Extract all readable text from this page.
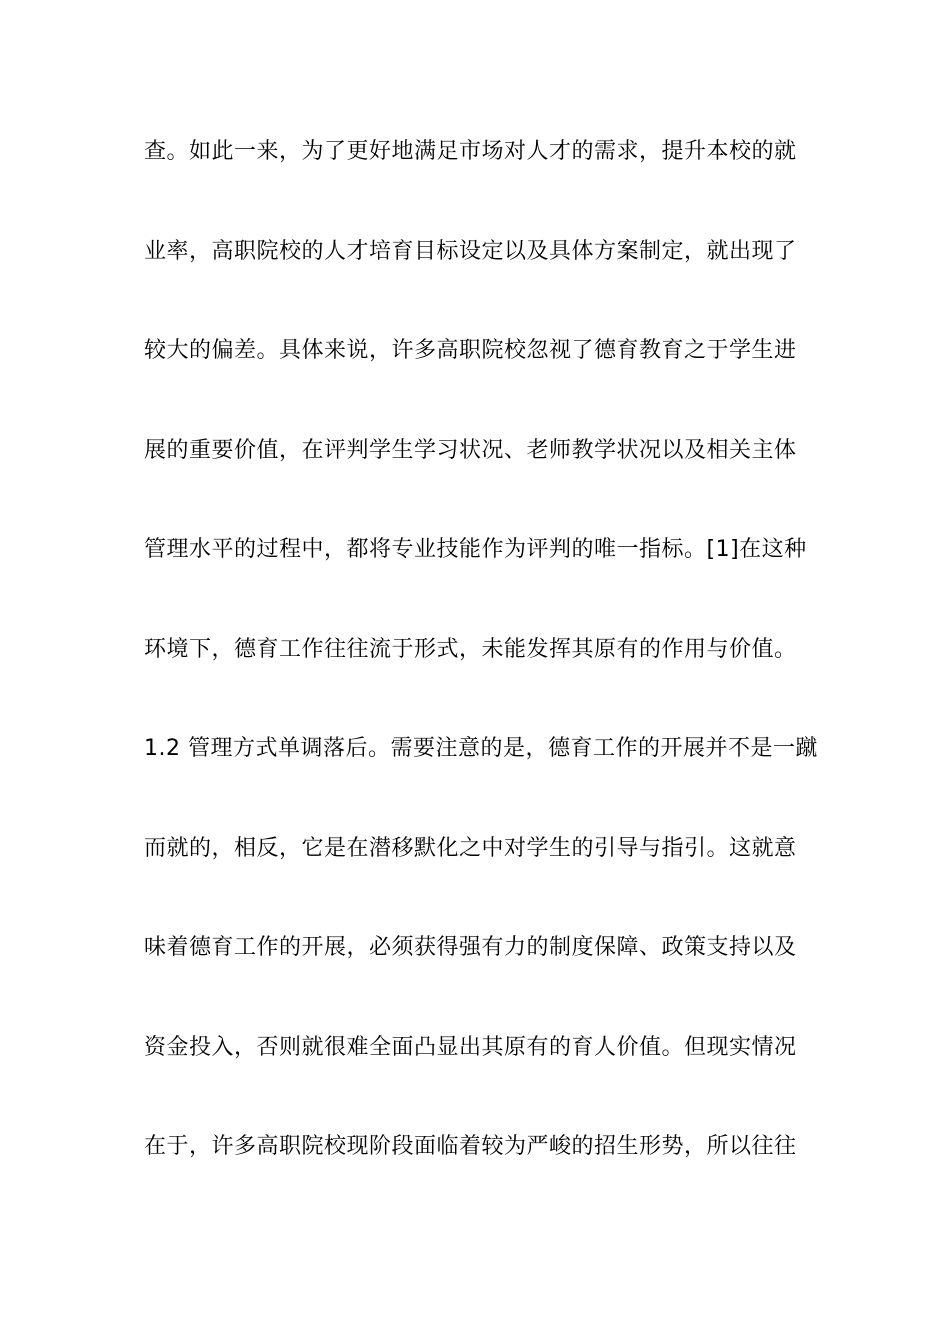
查。如此一来，为了更好地满足市场对人才的需求，提升本校的就
业率，高职院校的人才培育目标设定以及具体方案制定，就出现了
较大的偏差。具体来说，许多高职院校忽视了德育教育之于学生进
展的重要价值，在评判学生学习状况、老师教学状况以及相关主体
管理水平的过程中，都将专业技能作为评判的唯一指标。[1]在这种
环境下，德育工作往往流于形式，未能发挥其原有的作用与价值。
1.2 管理方式单调落后。需要注意的是，德育工作的开展并不是一蹴
而就的，相反，它是在潜移默化之中对学生的引导与指引。这就意
味着德育工作的开展，必须获得强有力的制度保障、政策支持以及
资金投入，否则就很难全面凸显出其原有的育人价值。但现实情况
在于，许多高职院校现阶段面临着较为严峻的招生形势，所以往往
